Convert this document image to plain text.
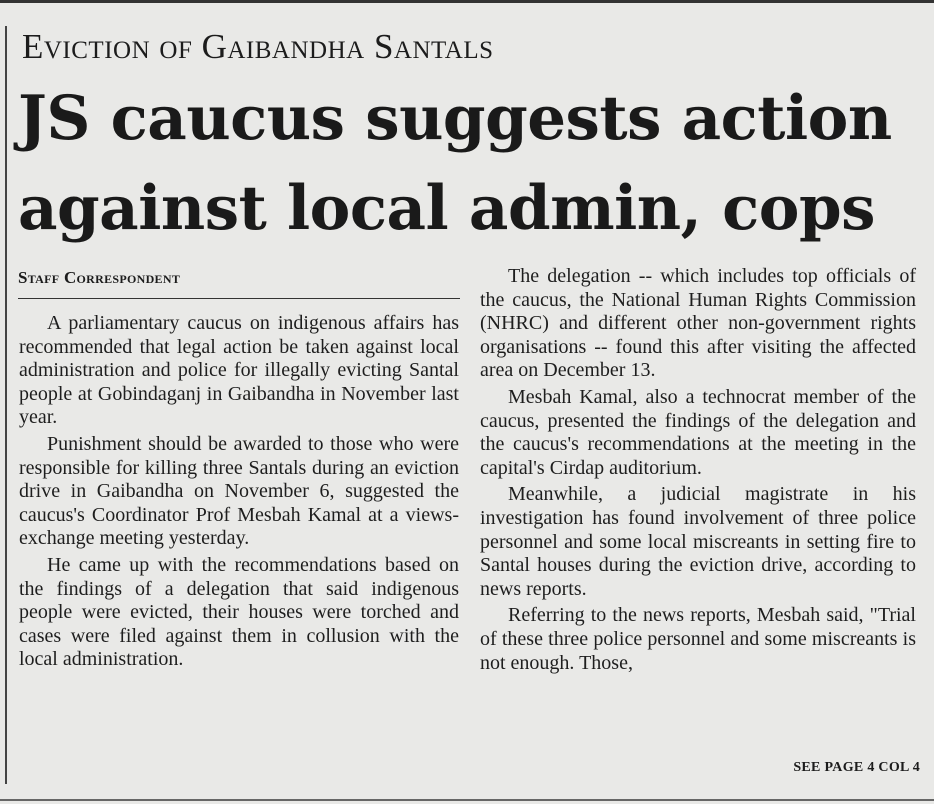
Eviction of Gaibandha Santals
JS caucus suggests action
against local admin, cops
Staff Correspondent

A parliamentary caucus on indigenous affairs has recommended that legal action be taken against local administration and police for illegally evicting Santal people at Gobindaganj in Gaibandha in November last year.

Punishment should be awarded to those who were responsible for killing three Santals during an eviction drive in Gaibandha on November 6, suggested the caucus's Coordinator Prof Mesbah Kamal at a views-exchange meeting yesterday.

He came up with the recommendations based on the findings of a delegation that said indigenous people were evicted, their houses were torched and cases were filed against them in collusion with the local administration.

The delegation -- which includes top officials of the caucus, the National Human Rights Commission (NHRC) and different other non-government rights organisations -- found this after visiting the affected area on December 13.

Mesbah Kamal, also a technocrat member of the caucus, presented the findings of the delegation and the caucus's recommendations at the meeting in the capital's Cirdap auditorium.

Meanwhile, a judicial magistrate in his investigation has found involvement of three police personnel and some local miscreants in setting fire to Santal houses during the eviction drive, according to news reports.

Referring to the news reports, Mesbah said, "Trial of these three police personnel and some miscreants is not enough. Those,

SEE PAGE 4 COL 4
